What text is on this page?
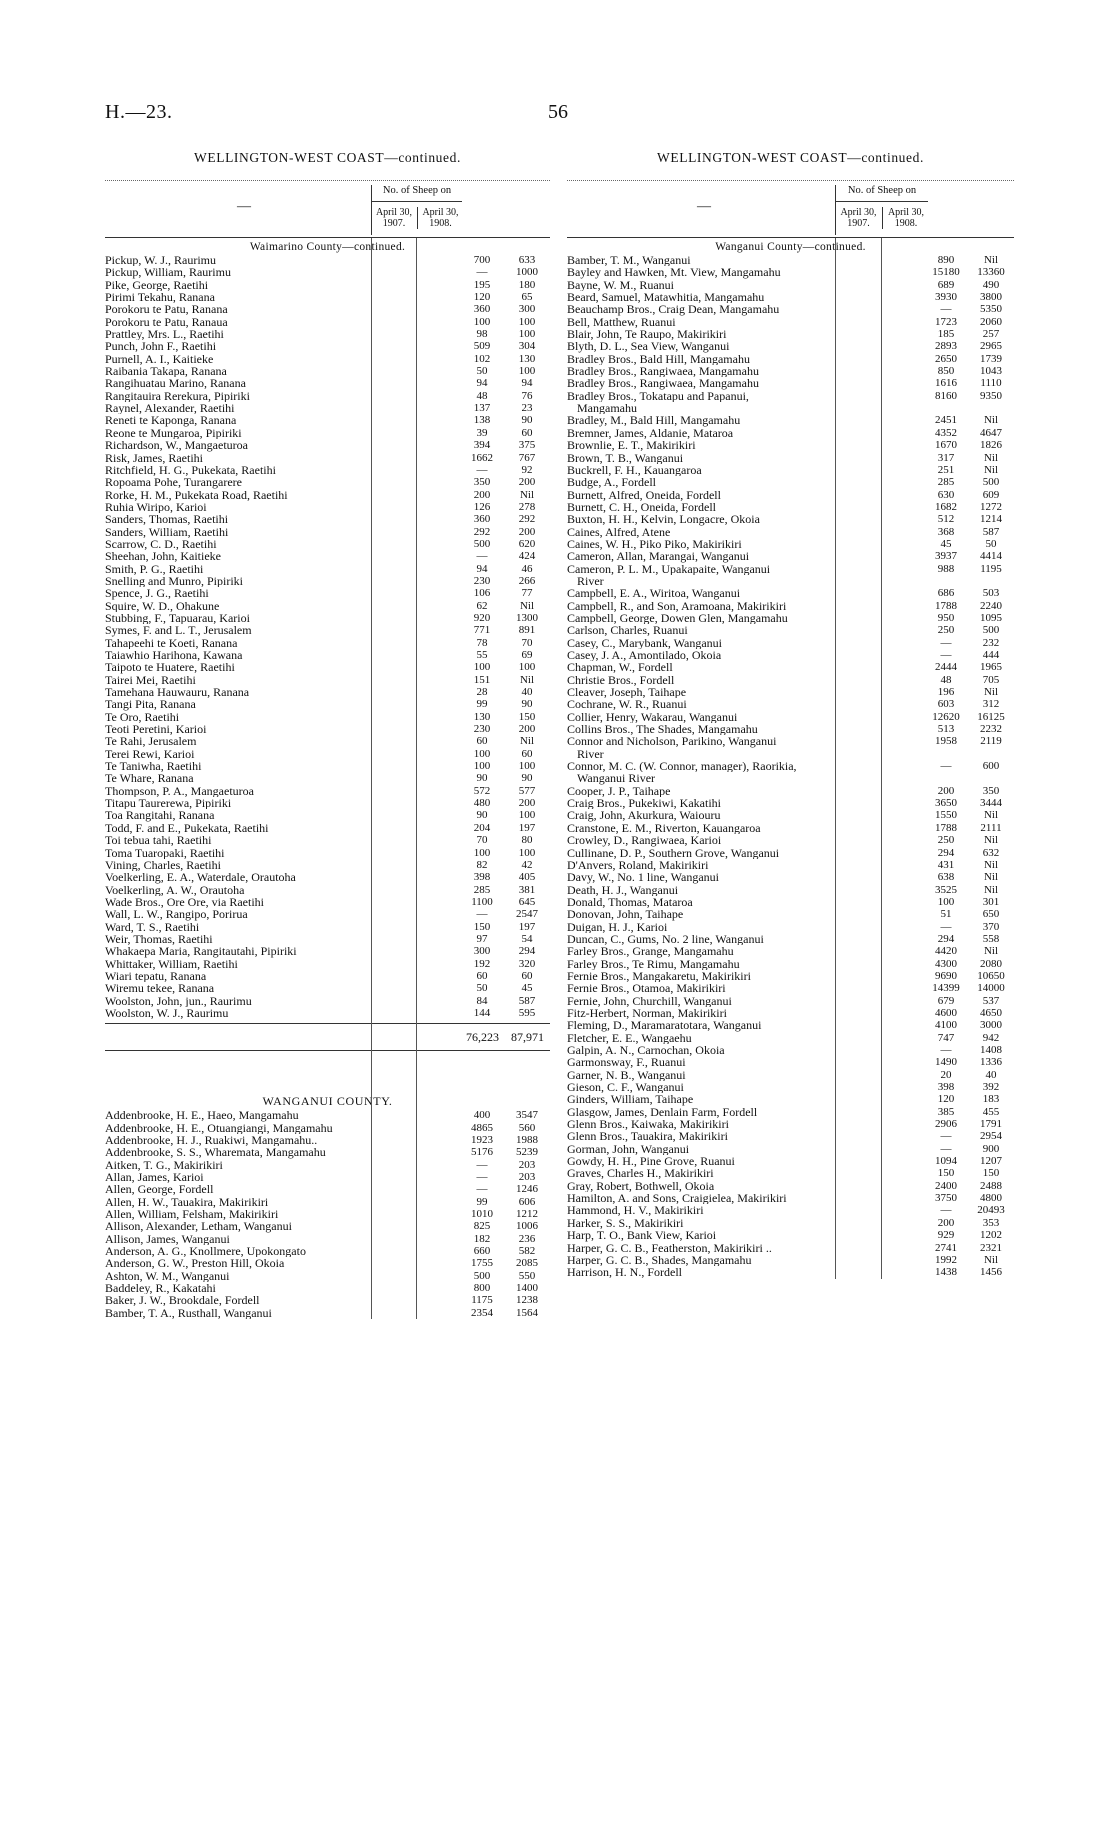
H.—23.	56
WELLINGTON-WEST COAST—continued.
—
No. of Sheep on
April 30, 1907.
April 30, 1908.
Waimarino County—continued.
Pickup, W. J., Raurimu	700	633
Pickup, William, Raurimu	—	1000
Pike, George, Raetihi	195	180
Pirimi Tekahu, Ranana	120	65
Porokoru te Patu, Ranana	360	300
Porokoru te Patu, Ranaua	100	100
Prattley, Mrs. L., Raetihi	98	100
Punch, John F., Raetihi	509	304
Purnell, A. I., Kaitieke	102	130
Raibania Takapa, Ranana	50	100
Rangihuatau Marino, Ranana	94	94
Rangitauira Rerekura, Pipiriki	48	76
Raynel, Alexander, Raetihi	137	23
Reneti te Kaponga, Ranana	138	90
Reone te Mungaroa, Pipiriki	39	60
Richardson, W., Mangaeturoa	394	375
Risk, James, Raetihi	1662	767
Ritchfield, H. G., Pukekata, Raetihi	—	92
Ropoama Pohe, Turangarere	350	200
Rorke, H. M., Pukekata Road, Raetihi	200	Nil
Ruhia Wiripo, Karioi	126	278
Sanders, Thomas, Raetihi	360	292
Sanders, William, Raetihi	292	200
Scarrow, C. D., Raetihi	500	620
Sheehan, John, Kaitieke	—	424
Smith, P. G., Raetihi	94	46
Snelling and Munro, Pipiriki	230	266
Spence, J. G., Raetihi	106	77
Squire, W. D., Ohakune	62	Nil
Stubbing, F., Tapuarau, Karioi	920	1300
Symes, F. and L. T., Jerusalem	771	891
Tahapeehi te Koeti, Ranana	78	70
Taiawhio Harihona, Kawana	55	69
Taipoto te Huatere, Raetihi	100	100
Tairei Mei, Raetihi	151	Nil
Tamehana Hauwauru, Ranana	28	40
Tangi Pita, Ranana	99	90
Te Oro, Raetihi	130	150
Teoti Peretini, Karioi	230	200
Te Rahi, Jerusalem	60	Nil
Terei Rewi, Karioi	100	60
Te Taniwha, Raetihi	100	100
Te Whare, Ranana	90	90
Thompson, P. A., Mangaeturoa	572	577
Titapu Taurerewa, Pipiriki	480	200
Toa Rangitahi, Ranana	90	100
Todd, F. and E., Pukekata, Raetihi	204	197
Toi tebua tahi, Raetihi	70	80
Toma Tuaropaki, Raetihi	100	100
Vining, Charles, Raetihi	82	42
Voelkerling, E. A., Waterdale, Orautoha	398	405
Voelkerling, A. W., Orautoha	285	381
Wade Bros., Ore Ore, via Raetihi	1100	645
Wall, L. W., Rangipo, Porirua	—	2547
Ward, T. S., Raetihi	150	197
Weir, Thomas, Raetihi	97	54
Whakaepa Maria, Rangitautahi, Pipiriki	300	294
Whittaker, William, Raetihi	192	320
Wiari tepatu, Ranana	60	60
Wiremu tekee, Ranana	50	45
Woolston, John, jun., Raurimu	84	587
Woolston, W. J., Raurimu	144	595
76,223	87,971
WANGANUI COUNTY.
Addenbrooke, H. E., Haeo, Mangamahu	400	3547
Addenbrooke, H. E., Otuangiangi, Mangamahu	4865	560
Addenbrooke, H. J., Ruakiwi, Mangamahu..	1923	1988
Addenbrooke, S. S., Wharemata, Mangamahu	5176	5239
Aitken, T. G., Makirikiri	—	203
Allan, James, Karioi	—	203
Allen, George, Fordell	—	1246
Allen, H. W., Tauakira, Makirikiri	99	606
Allen, William, Felsham, Makirikiri	1010	1212
Allison, Alexander, Letham, Wanganui	825	1006
Allison, James, Wanganui	182	236
Anderson, A. G., Knollmere, Upokongato	660	582
Anderson, G. W., Preston Hill, Okoia	1755	2085
Ashton, W. M., Wanganui	500	550
Baddeley, R., Kakatahi	800	1400
Baker, J. W., Brookdale, Fordell	1175	1238
Bamber, T. A., Rusthall, Wanganui	2354	1564
WELLINGTON-WEST COAST—continued.
—
No. of Sheep on
April 30, 1907.
April 30, 1908.
Wanganui County—continued.
Bamber, T. M., Wanganui	890	Nil
Bayley and Hawken, Mt. View, Mangamahu	15180	13360
Bayne, W. M., Ruanui	689	490
Beard, Samuel, Matawhitia, Mangamahu	3930	3800
Beauchamp Bros., Craig Dean, Mangamahu	—	5350
Bell, Matthew, Ruanui	1723	2060
Blair, John, Te Raupo, Makirikiri	185	257
Blyth, D. L., Sea View, Wanganui	2893	2965
Bradley Bros., Bald Hill, Mangamahu	2650	1739
Bradley Bros., Rangiwaea, Mangamahu	850	1043
Bradley Bros., Rangiwaea, Mangamahu	1616	1110
Bradley Bros., Tokatapu and Papanui,	8160	9350
Mangamahu
Bradley, M., Bald Hill, Mangamahu	2451	Nil
Bremner, James, Aldanie, Mataroa	4352	4647
Brownlie, E. T., Makirikiri	1670	1826
Brown, T. B., Wanganui	317	Nil
Buckrell, F. H., Kauangaroa	251	Nil
Budge, A., Fordell	285	500
Burnett, Alfred, Oneida, Fordell	630	609
Burnett, C. H., Oneida, Fordell	1682	1272
Buxton, H. H., Kelvin, Longacre, Okoia	512	1214
Caines, Alfred, Atene	368	587
Caines, W. H., Piko Piko, Makirikiri	45	50
Cameron, Allan, Marangai, Wanganui	3937	4414
Cameron, P. L. M., Upakapaite, Wanganui	988	1195
River
Campbell, E. A., Wiritoa, Wanganui	686	503
Campbell, R., and Son, Aramoana, Makirikiri	1788	2240
Campbell, George, Dowen Glen, Mangamahu	950	1095
Carlson, Charles, Ruanui	250	500
Casey, C., Marybank, Wanganui	—	232
Casey, J. A., Amontilado, Okoia	—	444
Chapman, W., Fordell	2444	1965
Christie Bros., Fordell	48	705
Cleaver, Joseph, Taihape	196	Nil
Cochrane, W. R., Ruanui	603	312
Collier, Henry, Wakarau, Wanganui	12620	16125
Collins Bros., The Shades, Mangamahu	513	2232
Connor and Nicholson, Parikino, Wanganui	1958	2119
River
Connor, M. C. (W. Connor, manager), Raorikia,	—	600
Wanganui River
Cooper, J. P., Taihape	200	350
Craig Bros., Pukekiwi, Kakatihi	3650	3444
Craig, John, Akurkura, Waiouru	1550	Nil
Cranstone, E. M., Riverton, Kauangaroa	1788	2111
Crowley, D., Rangiwaea, Karioi	250	Nil
Cullinane, D. P., Southern Grove, Wanganui	294	632
D'Anvers, Roland, Makirikiri	431	Nil
Davy, W., No. 1 line, Wanganui	638	Nil
Death, H. J., Wanganui	3525	Nil
Donald, Thomas, Mataroa	100	301
Donovan, John, Taihape	51	650
Duigan, H. J., Karioi	—	370
Duncan, C., Gums, No. 2 line, Wanganui	294	558
Farley Bros., Grange, Mangamahu	4420	Nil
Farley Bros., Te Rimu, Mangamahu	4300	2080
Fernie Bros., Mangakaretu, Makirikiri	9690	10650
Fernie Bros., Otamoa, Makirikiri	14399	14000
Fernie, John, Churchill, Wanganui	679	537
Fitz-Herbert, Norman, Makirikiri	4600	4650
Fleming, D., Maramaratotara, Wanganui	4100	3000
Fletcher, E. E., Wangaehu	747	942
Galpin, A. N., Carnochan, Okoia	—	1408
Garmonsway, F., Ruanui	1490	1336
Garner, N. B., Wanganui	20	40
Gieson, C. F., Wanganui	398	392
Ginders, William, Taihape	120	183
Glasgow, James, Denlain Farm, Fordell	385	455
Glenn Bros., Kaiwaka, Makirikiri	2906	1791
Glenn Bros., Tauakira, Makirikiri	—	2954
Gorman, John, Wanganui	—	900
Gowdy, H. H., Pine Grove, Ruanui	1094	1207
Graves, Charles H., Makirikiri	150	150
Gray, Robert, Bothwell, Okoia	2400	2488
Hamilton, A. and Sons, Craigielea, Makirikiri	3750	4800
Hammond, H. V., Makirikiri	—	20493
Harker, S. S., Makirikiri	200	353
Harp, T. O., Bank View, Karioi	929	1202
Harper, G. C. B., Featherston, Makirikiri ..	2741	2321
Harper, G. C. B., Shades, Mangamahu	1992	Nil
Harrison, H. N., Fordell	1438	1456
